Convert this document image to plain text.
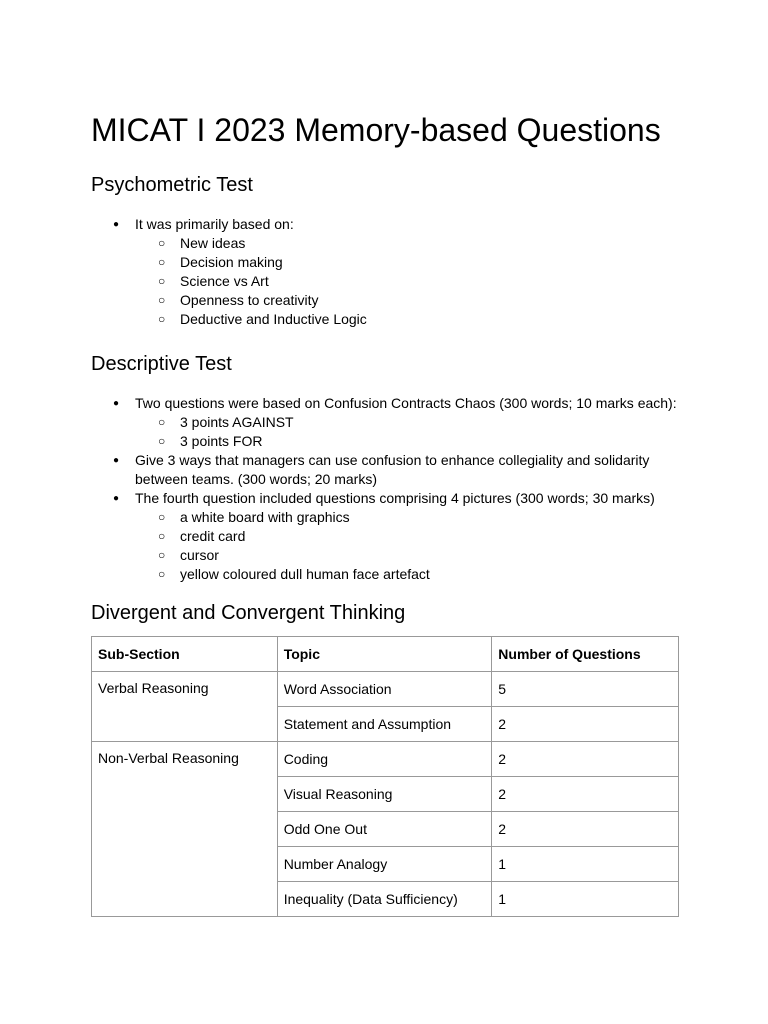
MICAT I 2023 Memory-based Questions
Psychometric Test
● It was primarily based on:
○ New ideas
○ Decision making
○ Science vs Art
○ Openness to creativity
○ Deductive and Inductive Logic
Descriptive Test
● Two questions were based on Confusion Contracts Chaos (300 words; 10 marks each):
○ 3 points AGAINST
○ 3 points FOR
● Give 3 ways that managers can use confusion to enhance collegiality and solidarity
between teams. (300 words; 20 marks)
● The fourth question included questions comprising 4 pictures (300 words; 30 marks)
○ a white board with graphics
○ credit card
○ cursor
○ yellow coloured dull human face artefact
Divergent and Convergent Thinking
Sub-Section	Topic	Number of Questions
Verbal Reasoning	Word Association	5
	Statement and Assumption	2
Non-Verbal Reasoning	Coding	2
	Visual Reasoning	2
	Odd One Out	2
	Number Analogy	1
	Inequality (Data Sufficiency)	1
